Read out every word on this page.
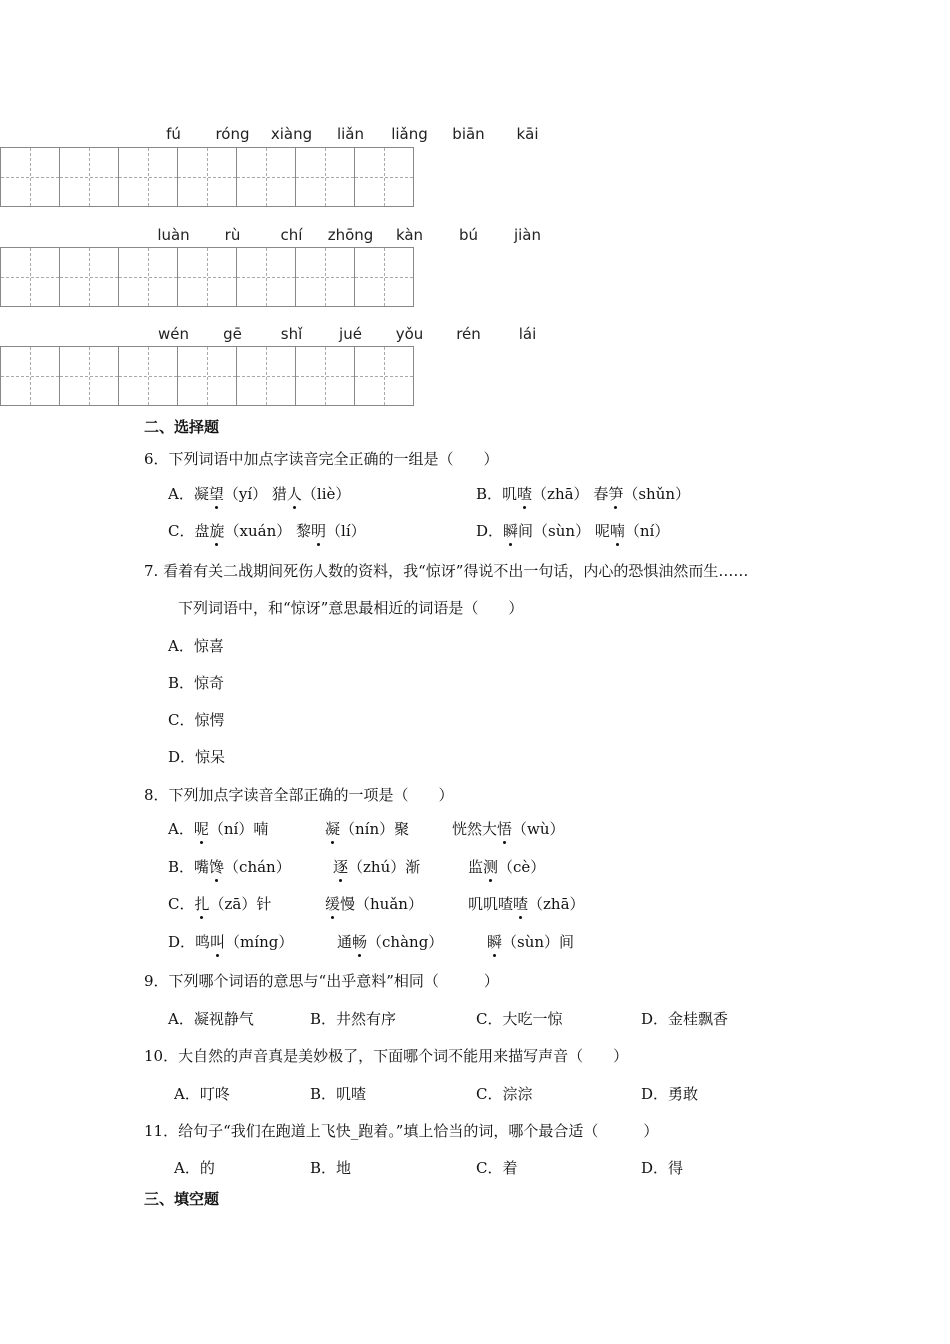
fú	róng	xiàng	liǎn	liǎng	biān	kāi
luàn	rù	chí	zhōng	kàn	bú	jiàn
wén	gē	shǐ	jué	yǒu	rén	lái
二、选择题
6．下列词语中加点字读音完全正确的一组是（　　）
A．凝望（yí） 猎人（liè）	B．叽喳（zhā） 春笋（shǔn）
C．盘旋（xuán） 黎明（lí）	D．瞬间（sùn） 呢喃（ní）
7. 看着有关二战期间死伤人数的资料，我“惊讶”得说不出一句话，内心的恐惧油然而生……
下列词语中，和“惊讶”意思最相近的词语是（　　）
A．惊喜
B．惊奇
C．惊愕
D．惊呆
8．下列加点字读音全部正确的一项是（　　）
A．呢（ní）喃	凝（nín）聚	恍然大悟（wù）
B．嘴馋（chán）	逐（zhú）渐	监测（cè）
C．扎（zā）针	缓慢（huǎn）	叽叽喳喳（zhā）
D．鸣叫（míng）	通畅（chàng）	瞬（sùn）间
9．下列哪个词语的意思与“出乎意料”相同（　　　）
A．凝视静气	B．井然有序	C．大吃一惊	D．金桂飘香
10．大自然的声音真是美妙极了，下面哪个词不能用来描写声音（　　）
A．叮咚	B．叽喳	C．淙淙	D．勇敢
11．给句子“我们在跑道上飞快_跑着。”填上恰当的词，哪个最合适（　　　）
A．的	B．地	C．着	D．得
三、填空题
